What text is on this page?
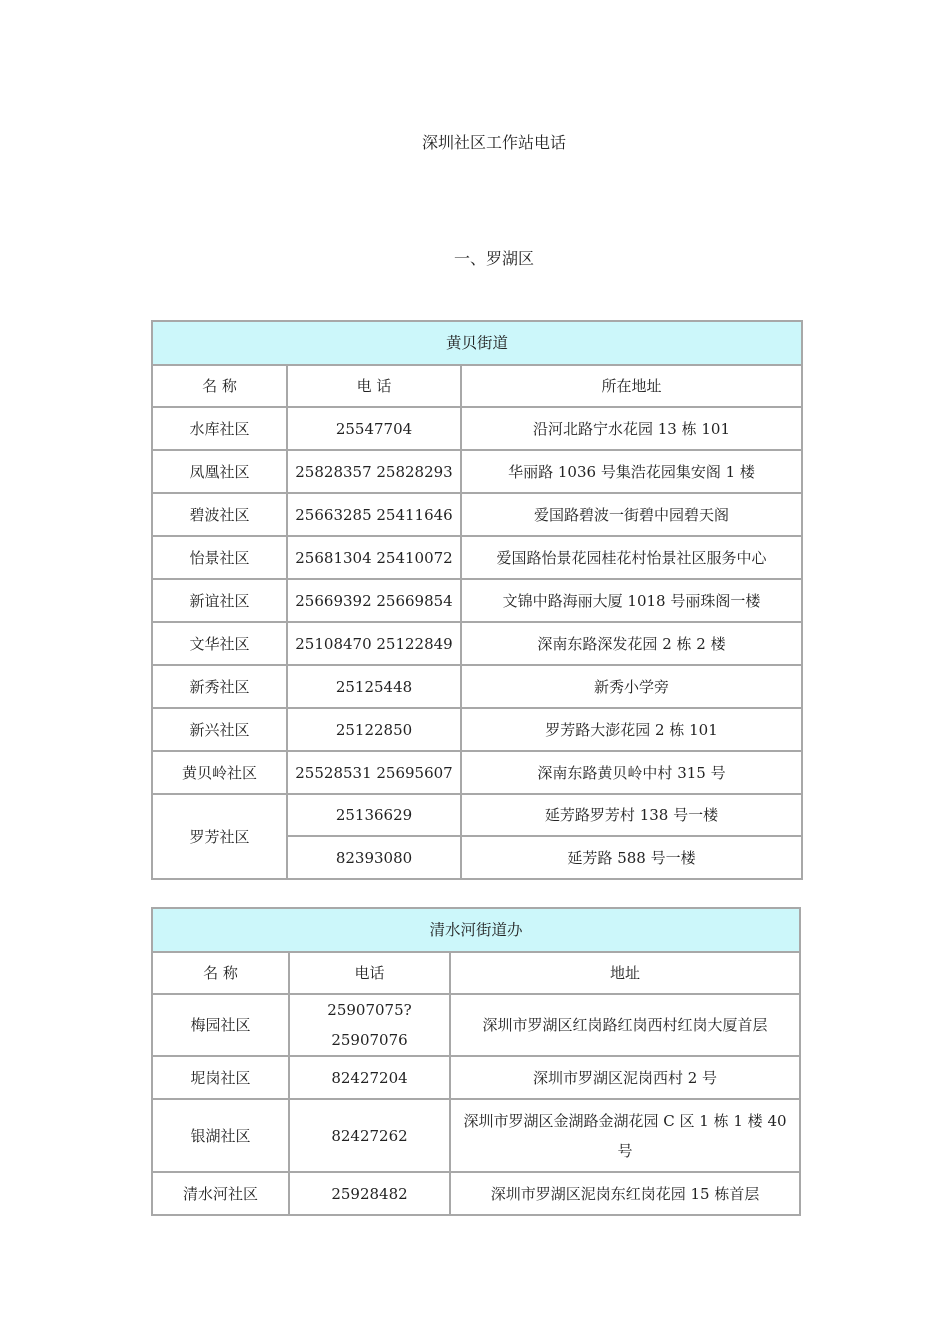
深圳社区工作站电话
一、罗湖区
黄贝街道		
名 称	电 话	所在地址
水库社区	25547704	沿河北路宁水花园 13 栋 101
凤凰社区	25828357 25828293	华丽路 1036 号集浩花园集安阁 1 楼
碧波社区	25663285 25411646	爱国路碧波一街碧中园碧天阁
怡景社区	25681304 25410072	爱国路怡景花园桂花村怡景社区服务中心
新谊社区	25669392 25669854	文锦中路海丽大厦 1018 号丽珠阁一楼
文华社区	25108470 25122849	深南东路深发花园 2 栋 2 楼
新秀社区	25125448	新秀小学旁
新兴社区	25122850	罗芳路大澎花园 2 栋 101
黄贝岭社区	25528531 25695607	深南东路黄贝岭中村 315 号
罗芳社区	25136629	延芳路罗芳村 138 号一楼
	82393080	延芳路 588 号一楼
清水河街道办		
名 称	电话	地址
梅园社区	25907075? 25907076	深圳市罗湖区红岗路红岗西村红岗大厦首层
坭岗社区	82427204	深圳市罗湖区泥岗西村 2 号
银湖社区	82427262	深圳市罗湖区金湖路金湖花园 C 区 1 栋 1 楼 40 号
清水河社区	25928482	深圳市罗湖区泥岗东红岗花园 15 栋首层
